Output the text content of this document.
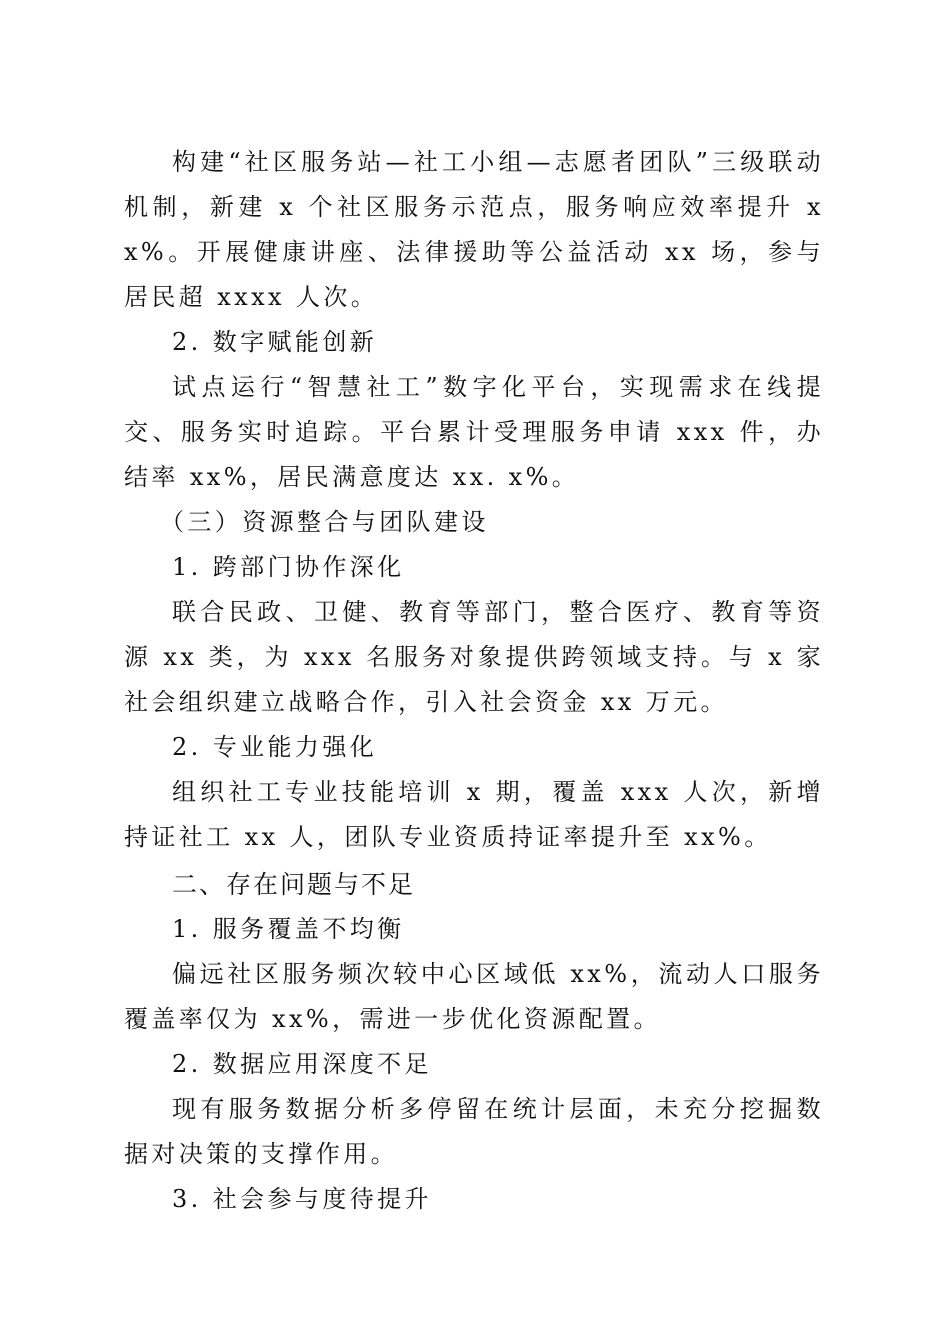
构建“社区服务站—社工小组—志愿者团队”三级联动机制，新建 x 个社区服务示范点，服务响应效率提升 xx%。开展健康讲座、法律援助等公益活动 xx 场，参与居民超 xxxx 人次。

2. 数字赋能创新

试点运行“智慧社工”数字化平台，实现需求在线提交、服务实时追踪。平台累计受理服务申请 xxx 件，办结率 xx%，居民满意度达 xx. x%。

（三）资源整合与团队建设

1. 跨部门协作深化

联合民政、卫健、教育等部门，整合医疗、教育等资源 xx 类，为 xxx 名服务对象提供跨领域支持。与 x 家社会组织建立战略合作，引入社会资金 xx 万元。

2. 专业能力强化

组织社工专业技能培训 x 期，覆盖 xxx 人次，新增持证社工 xx 人，团队专业资质持证率提升至 xx%。

二、存在问题与不足

1. 服务覆盖不均衡

偏远社区服务频次较中心区域低 xx%，流动人口服务覆盖率仅为 xx%，需进一步优化资源配置。

2. 数据应用深度不足

现有服务数据分析多停留在统计层面，未充分挖掘数据对决策的支撑作用。

3. 社会参与度待提升
